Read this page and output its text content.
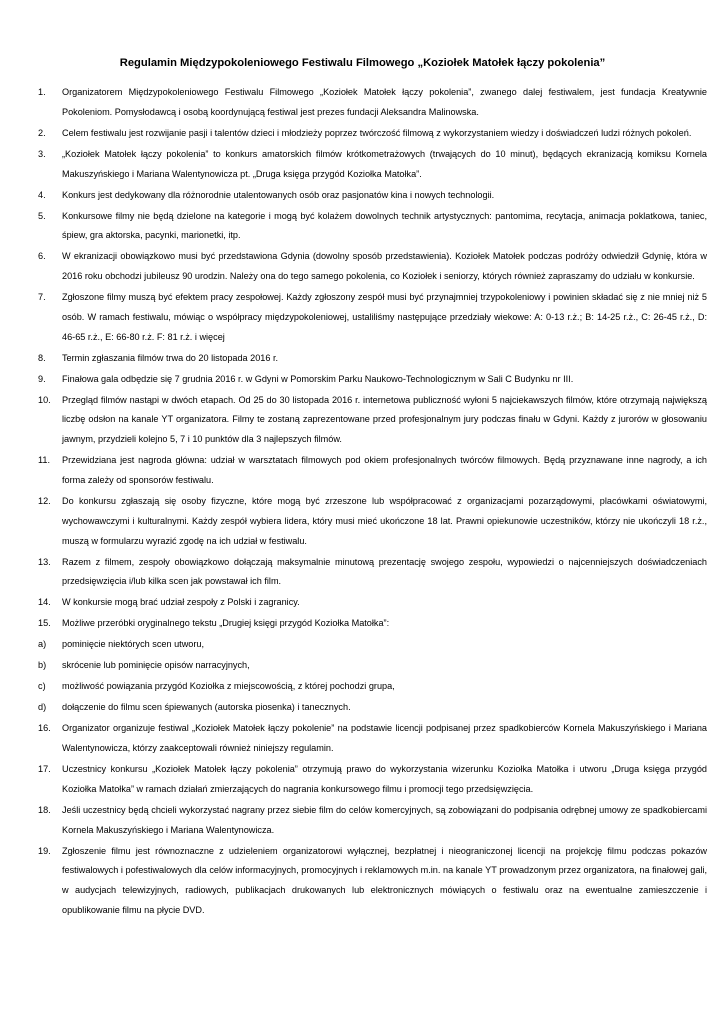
Regulamin Międzypokoleniowego Festiwalu Filmowego „Koziołek Matołek łączy pokolenia”
1.	Organizatorem Międzypokoleniowego Festiwalu Filmowego „Koziołek Matołek łączy pokolenia”, zwanego dalej festiwalem, jest fundacja Kreatywnie Pokoleniom. Pomysłodawcą i osobą koordynującą festiwal jest prezes fundacji Aleksandra Malinowska.
2.	Celem festiwalu jest rozwijanie pasji i talentów dzieci i młodzieży poprzez twórczość filmową z wykorzystaniem wiedzy i doświadczeń ludzi różnych pokoleń.
3.	„Koziołek Matołek łączy pokolenia” to konkurs amatorskich filmów krótkometrażowych (trwających do 10 minut), będących ekranizacją komiksu Kornela Makuszyńskiego i Mariana Walentynowicza pt. „Druga księga przygód Koziołka Matołka”.
4.	Konkurs jest dedykowany dla różnorodnie utalentowanych osób oraz pasjonatów kina i nowych technologii.
5.	Konkursowe filmy nie będą dzielone na kategorie i mogą być kolażem dowolnych technik artystycznych: pantomima, recytacja, animacja poklatkowa, taniec, śpiew, gra aktorska, pacynki, marionetki, itp.
6.	W ekranizacji obowiązkowo musi być przedstawiona Gdynia (dowolny sposób przedstawienia). Koziołek Matołek podczas podróży odwiedził Gdynię, która w 2016 roku obchodzi jubileusz 90 urodzin. Należy ona do tego samego pokolenia, co Koziołek i seniorzy, których również zapraszamy do udziału w konkursie.
7.	Zgłoszone filmy muszą być efektem pracy zespołowej. Każdy zgłoszony zespół musi być przynajmniej trzypokoleniowy i powinien składać się z nie mniej niż 5 osób. W ramach festiwalu, mówiąc o współpracy międzypokoleniowej, ustaliliśmy następujące przedziały wiekowe: A: 0-13 r.ż.; B: 14-25 r.ż., C: 26-45 r.ż., D: 46-65 r.ż., E: 66-80 r.ż. F: 81 r.ż. i więcej
8.	Termin zgłaszania filmów trwa do 20 listopada 2016 r.
9.	Finałowa gala odbędzie się 7 grudnia 2016 r. w Gdyni w Pomorskim Parku Naukowo-Technologicznym w Sali C Budynku nr III.
10.	Przegląd filmów nastąpi w dwóch etapach. Od 25 do 30 listopada 2016 r. internetowa publiczność wyłoni 5 najciekawszych filmów, które otrzymają największą liczbę odsłon na kanale YT organizatora. Filmy te zostaną zaprezentowane przed profesjonalnym jury podczas finału w Gdyni. Każdy z jurorów w głosowaniu jawnym, przydzieli kolejno 5, 7 i 10 punktów dla 3 najlepszych filmów.
11.	Przewidziana jest nagroda główna: udział w warsztatach filmowych pod okiem profesjonalnych twórców filmowych. Będą przyznawane inne nagrody, a ich forma zależy od sponsorów festiwalu.
12.	Do konkursu zgłaszają się osoby fizyczne, które mogą być zrzeszone lub współpracować z organizacjami pozarządowymi, placówkami oświatowymi, wychowawczymi i kulturalnymi. Każdy zespół wybiera lidera, który musi mieć ukończone 18 lat. Prawni opiekunowie uczestników, którzy nie ukończyli 18 r.ż., muszą w formularzu wyrazić zgodę na ich udział w festiwalu.
13.	Razem z filmem, zespoły obowiązkowo dołączają maksymalnie minutową prezentację swojego zespołu, wypowiedzi o najcenniejszych doświadczeniach przedsięwzięcia i/lub kilka scen jak powstawał ich film.
14.	W konkursie mogą brać udział zespoły z Polski i zagranicy.
15.	Możliwe przeróbki oryginalnego tekstu „Drugiej księgi przygód Koziołka Matołka”:
a)	pominięcie niektórych scen utworu,
b)	skrócenie lub pominięcie opisów narracyjnych,
c)	możliwość powiązania przygód Koziołka z miejscowością, z której pochodzi grupa,
d)	dołączenie do filmu scen śpiewanych (autorska piosenka) i tanecznych.
16.	Organizator organizuje festiwal „Koziołek Matołek łączy pokolenie” na podstawie licencji podpisanej przez spadkobierców Kornela Makuszyńskiego i Mariana Walentynowicza, którzy zaakceptowali również niniejszy regulamin.
17.	Uczestnicy konkursu „Koziołek Matołek łączy pokolenia” otrzymują prawo do wykorzystania wizerunku Koziołka Matołka i utworu „Druga księga przygód Koziołka Matołka” w ramach działań zmierzających do nagrania konkursowego filmu i promocji tego przedsięwzięcia.
18.	Jeśli uczestnicy będą chcieli wykorzystać nagrany przez siebie film do celów komercyjnych, są zobowiązani do podpisania odrębnej umowy ze spadkobiercami Kornela Makuszyńskiego i Mariana Walentynowicza.
19.	Zgłoszenie filmu jest równoznaczne z udzieleniem organizatorowi wyłącznej, bezpłatnej i nieograniczonej licencji na projekcję filmu podczas pokazów festiwalowych i pofestiwalowych dla celów informacyjnych, promocyjnych i reklamowych m.in. na kanale YT prowadzonym przez organizatora, na finałowej gali, w audycjach telewizyjnych, radiowych, publikacjach drukowanych lub elektronicznych mówiących o festiwalu oraz na ewentualne zamieszczenie i opublikowanie filmu na płycie DVD.
